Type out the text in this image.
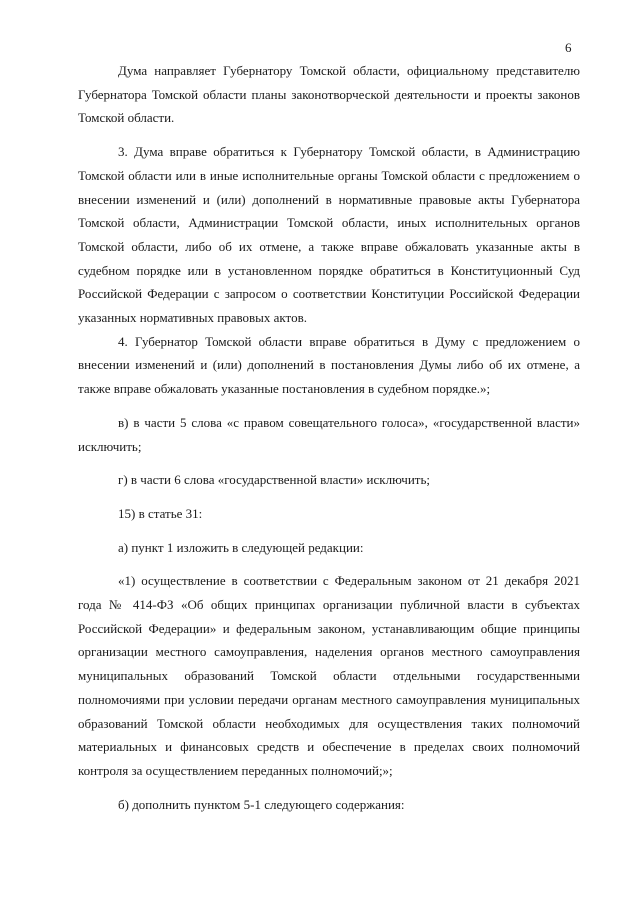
6

Дума направляет Губернатору Томской области, официальному представителю Губернатора Томской области планы законотворческой деятельности и проекты законов Томской области.

3. Дума вправе обратиться к Губернатору Томской области, в Администрацию Томской области или в иные исполнительные органы Томской области с предложением о внесении изменений и (или) дополнений в нормативные правовые акты Губернатора Томской области, Администрации Томской области, иных исполнительных органов Томской области, либо об их отмене, а также вправе обжаловать указанные акты в судебном порядке или в установленном порядке обратиться в Конституционный Суд Российской Федерации с запросом о соответствии Конституции Российской Федерации указанных нормативных правовых актов.

4. Губернатор Томской области вправе обратиться в Думу с предложением о внесении изменений и (или) дополнений в постановления Думы либо об их отмене, а также вправе обжаловать указанные постановления в судебном порядке.»;

в) в части 5 слова «с правом совещательного голоса», «государственной власти» исключить;

г) в части 6 слова «государственной власти» исключить;

15) в статье 31:

а) пункт 1 изложить в следующей редакции:

«1) осуществление в соответствии с Федеральным законом от 21 декабря 2021 года № 414-ФЗ «Об общих принципах организации публичной власти в субъектах Российской Федерации» и федеральным законом, устанавливающим общие принципы организации местного самоуправления, наделения органов местного самоуправления муниципальных образований Томской области отдельными государственными полномочиями при условии передачи органам местного самоуправления муниципальных образований Томской области необходимых для осуществления таких полномочий материальных и финансовых средств и обеспечение в пределах своих полномочий контроля за осуществлением переданных полномочий;»;

б) дополнить пунктом 5-1 следующего содержания:
